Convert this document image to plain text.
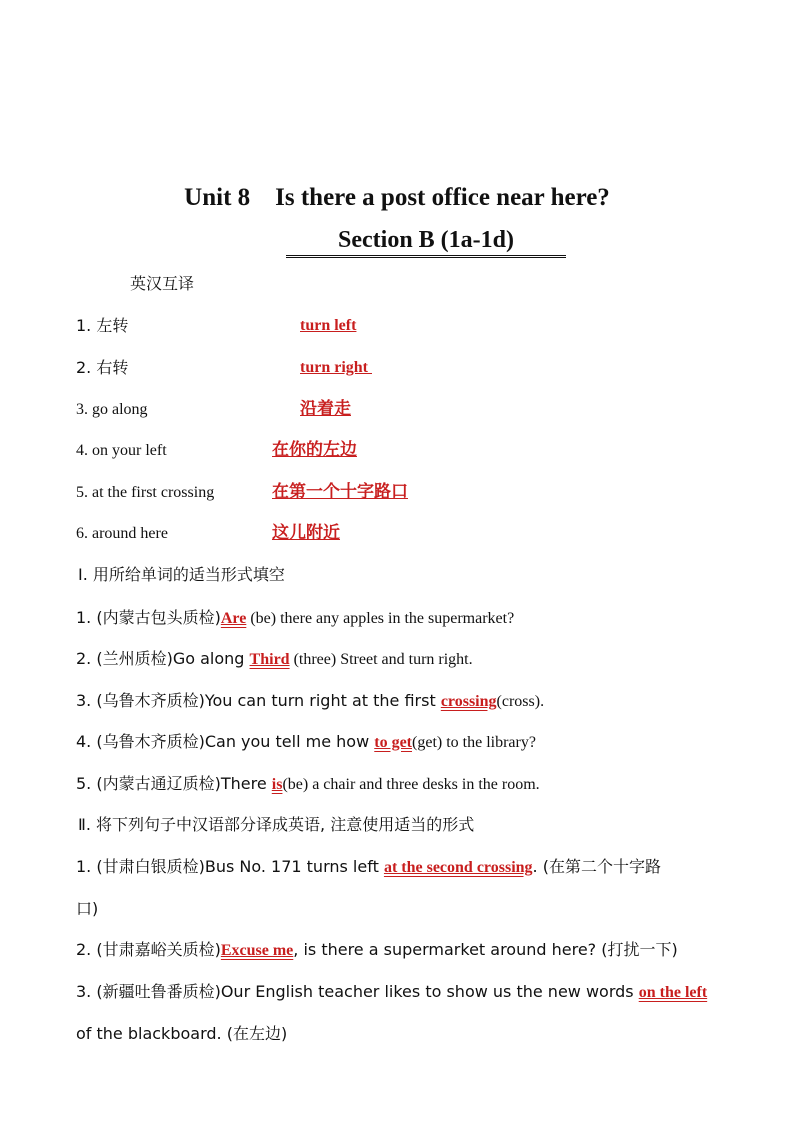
Unit 8    Is there a post office near here?
Section B (1a-1d)
英汉互译
1. 左转	turn left
2. 右转	turn right
3. go along	沿着走
4. on your left	在你的左边
5. at the first crossing	在第一个十字路口
6. around here	这儿附近
Ⅰ. 用所给单词的适当形式填空
1. (内蒙古包头质检)Are (be) there any apples in the supermarket?
2. (兰州质检)Go along Third (three) Street and turn right.
3. (乌鲁木齐质检)You can turn right at the first crossing(cross).
4. (乌鲁木齐质检)Can you tell me how to get(get) to the library?
5. (内蒙古通辽质检)There is(be) a chair and three desks in the room.
Ⅱ. 将下列句子中汉语部分译成英语, 注意使用适当的形式
1. (甘肃白银质检)Bus No. 171 turns left at the second crossing. (在第二个十字路
口)
2. (甘肃嘉峪关质检)Excuse me, is there a supermarket around here? (打扰一下)
3. (新疆吐鲁番质检)Our English teacher likes to show us the new words on the left
of the blackboard. (在左边)
